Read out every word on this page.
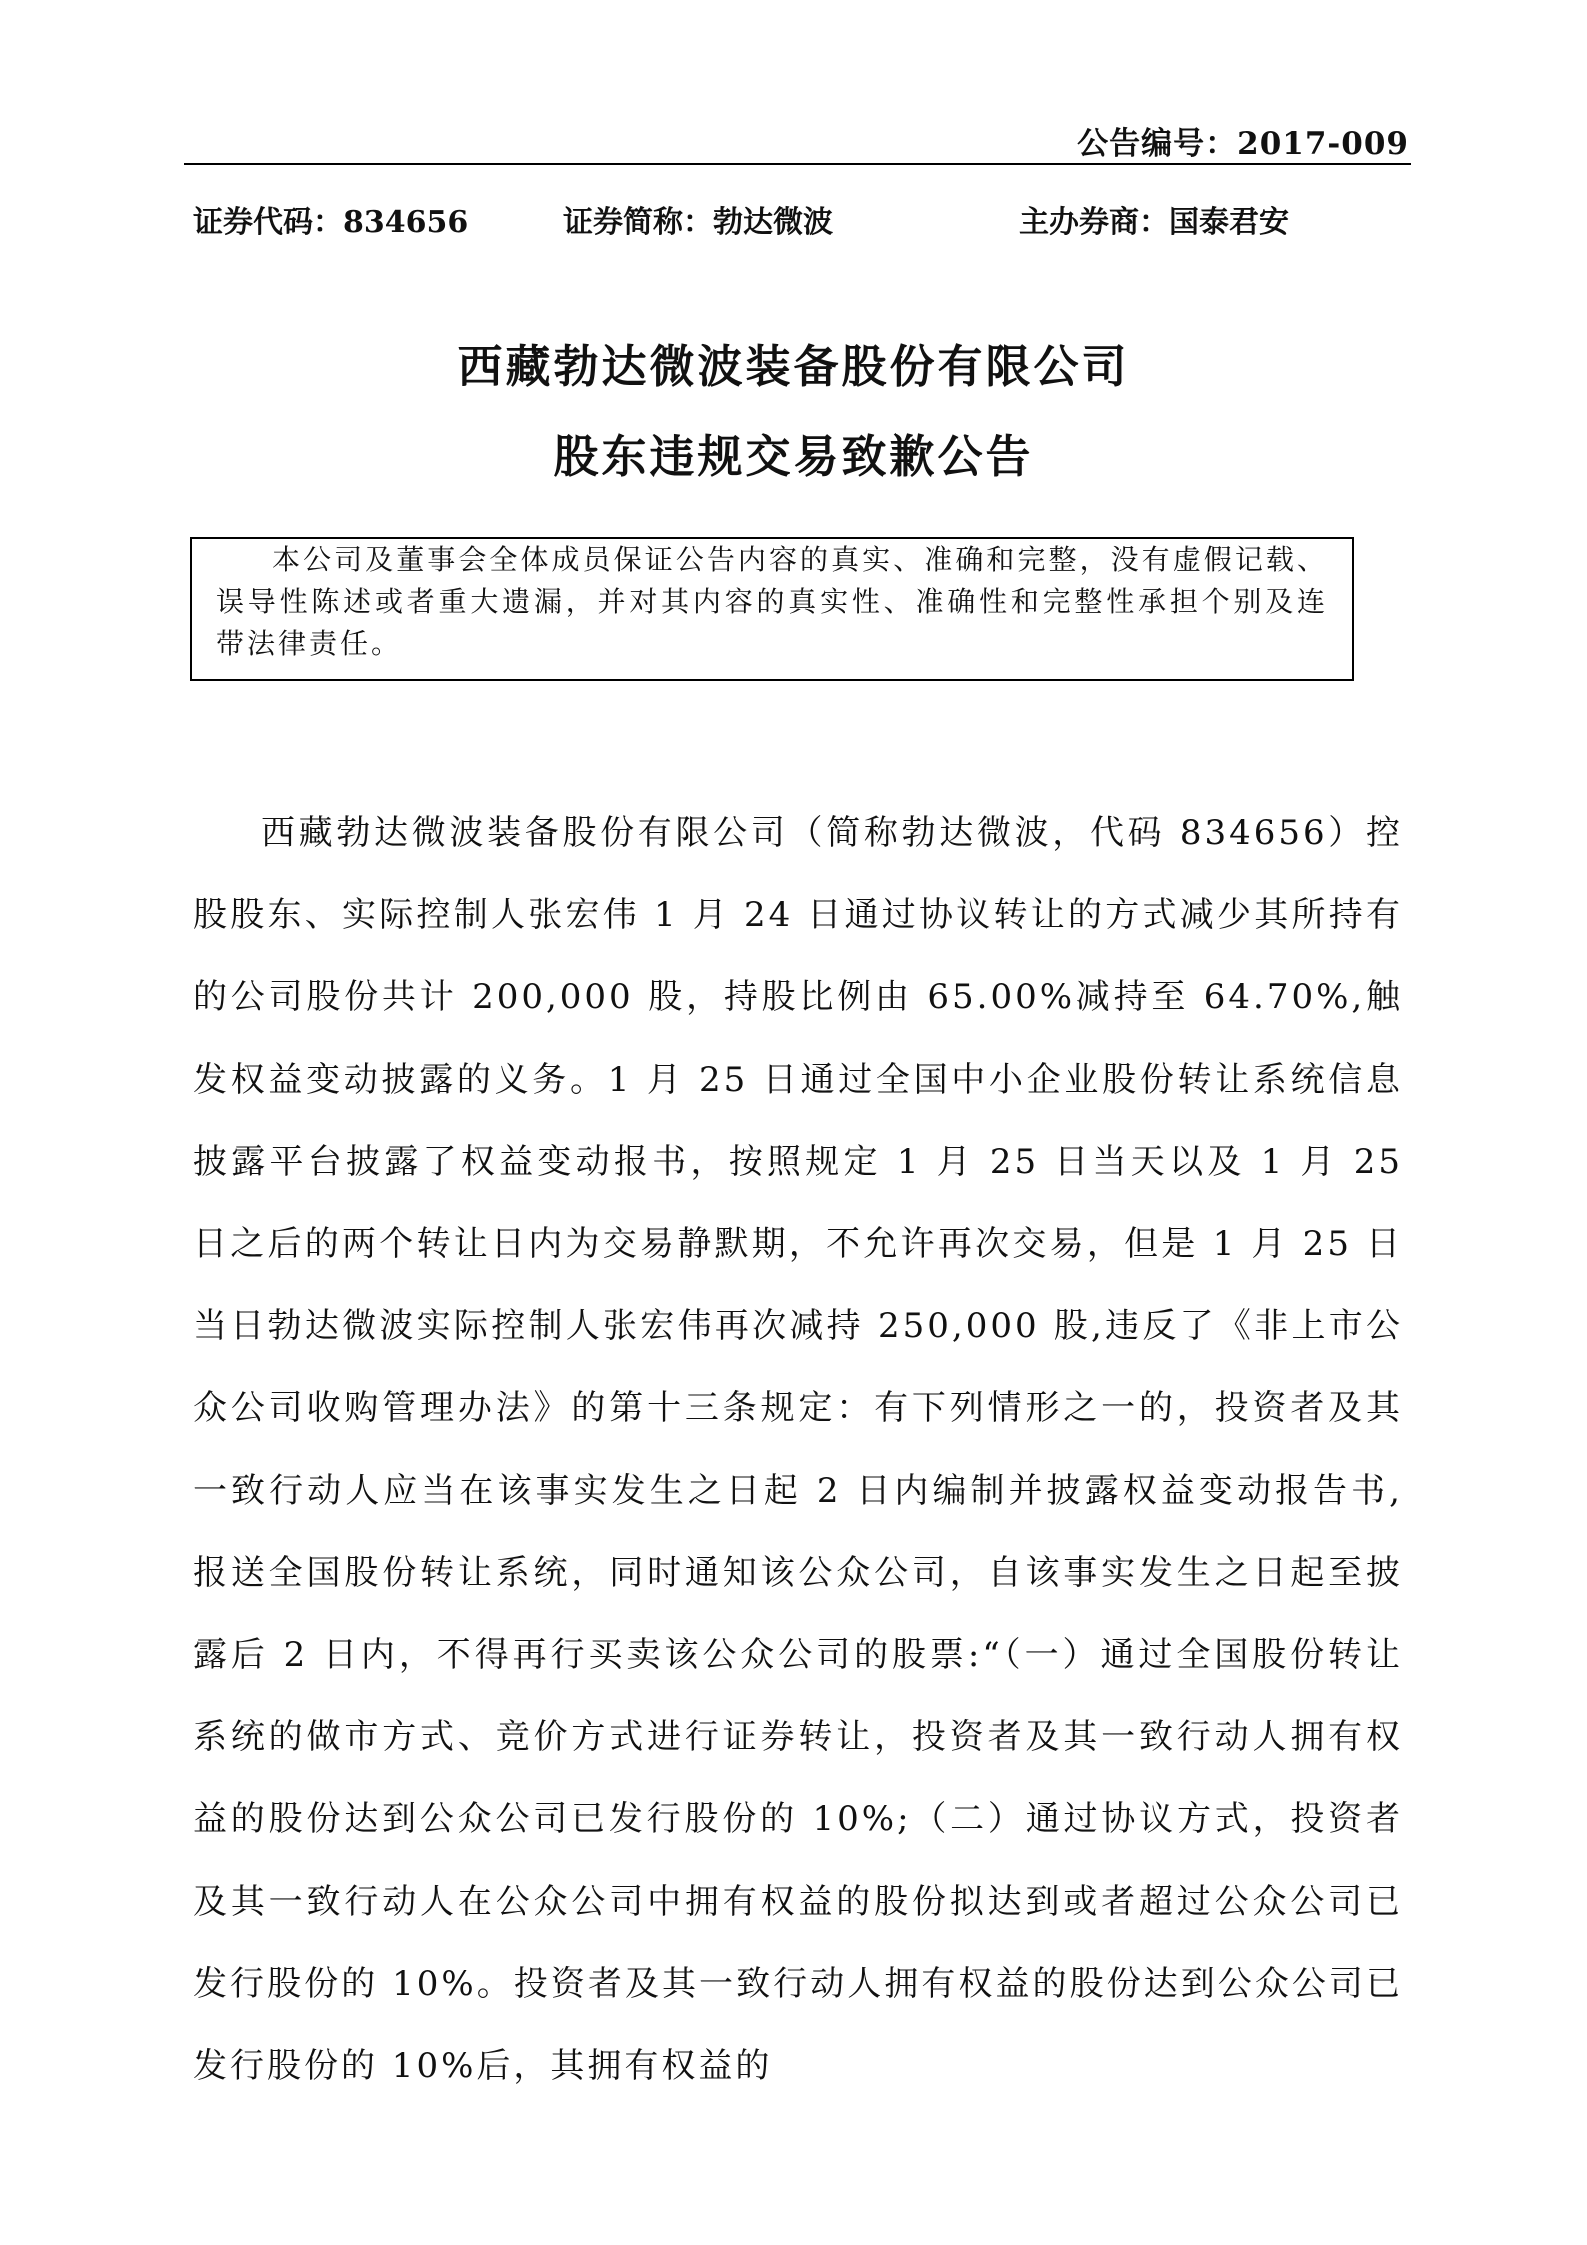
公告编号：2017-009
证券代码：834656	证券简称：勃达微波	主办券商：国泰君安
西藏勃达微波装备股份有限公司
股东违规交易致歉公告

本公司及董事会全体成员保证公告内容的真实、准确和完整，没有虚假记载、误导性陈述或者重大遗漏，并对其内容的真实性、准确性和完整性承担个别及连带法律责任。

西藏勃达微波装备股份有限公司（简称勃达微波，代码 834656）控股股东、实际控制人张宏伟 1 月 24 日通过协议转让的方式减少其所持有的公司股份共计 200,000 股，持股比例由 65.00%减持至 64.70%,触发权益变动披露的义务。1 月 25 日通过全国中小企业股份转让系统信息披露平台披露了权益变动报书，按照规定 1 月 25 日当天以及 1 月 25 日之后的两个转让日内为交易静默期，不允许再次交易，但是 1 月 25 日当日勃达微波实际控制人张宏伟再次减持 250,000 股,违反了《非上市公众公司收购管理办法》的第十三条规定：有下列情形之一的，投资者及其一致行动人应当在该事实发生之日起 2 日内编制并披露权益变动报告书,报送全国股份转让系统，同时通知该公众公司，自该事实发生之日起至披露后 2 日内，不得再行买卖该公众公司的股票:“（一）通过全国股份转让系统的做市方式、竞价方式进行证券转让，投资者及其一致行动人拥有权益的股份达到公众公司已发行股份的 10%;（二）通过协议方式，投资者及其一致行动人在公众公司中拥有权益的股份拟达到或者超过公众公司已发行股份的 10%。投资者及其一致行动人拥有权益的股份达到公众公司已发行股份的 10%后，其拥有权益的
